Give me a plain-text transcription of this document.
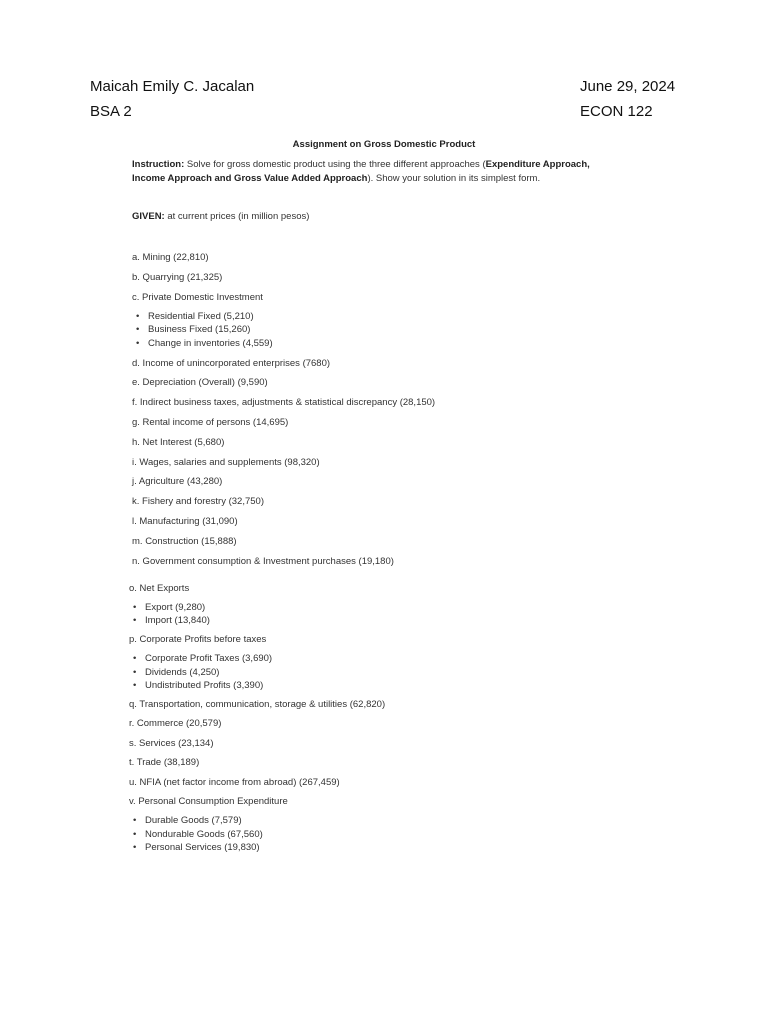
Maicah Emily C. Jacalan	June 29, 2024
BSA 2	ECON 122
Assignment on Gross Domestic Product
Instruction: Solve for gross domestic product using the three different approaches (Expenditure Approach, Income Approach and Gross Value Added Approach). Show your solution in its simplest form.
GIVEN: at current prices (in million pesos)
a. Mining (22,810)
b. Quarrying (21,325)
c. Private Domestic Investment
• Residential Fixed (5,210)
• Business Fixed (15,260)
• Change in inventories (4,559)
d. Income of unincorporated enterprises (7680)
e. Depreciation (Overall) (9,590)
f. Indirect business taxes, adjustments & statistical discrepancy (28,150)
g. Rental income of persons (14,695)
h. Net Interest (5,680)
i. Wages, salaries and supplements (98,320)
j. Agriculture (43,280)
k. Fishery and forestry (32,750)
l. Manufacturing (31,090)
m. Construction (15,888)
n. Government consumption & Investment purchases (19,180)
o. Net Exports
• Export (9,280)
• Import (13,840)
p. Corporate Profits before taxes
• Corporate Profit Taxes (3,690)
• Dividends (4,250)
• Undistributed Profits (3,390)
q. Transportation, communication, storage & utilities (62,820)
r. Commerce (20,579)
s. Services (23,134)
t. Trade (38,189)
u. NFIA (net factor income from abroad) (267,459)
v. Personal Consumption Expenditure
• Durable Goods (7,579)
• Nondurable Goods (67,560)
• Personal Services (19,830)
